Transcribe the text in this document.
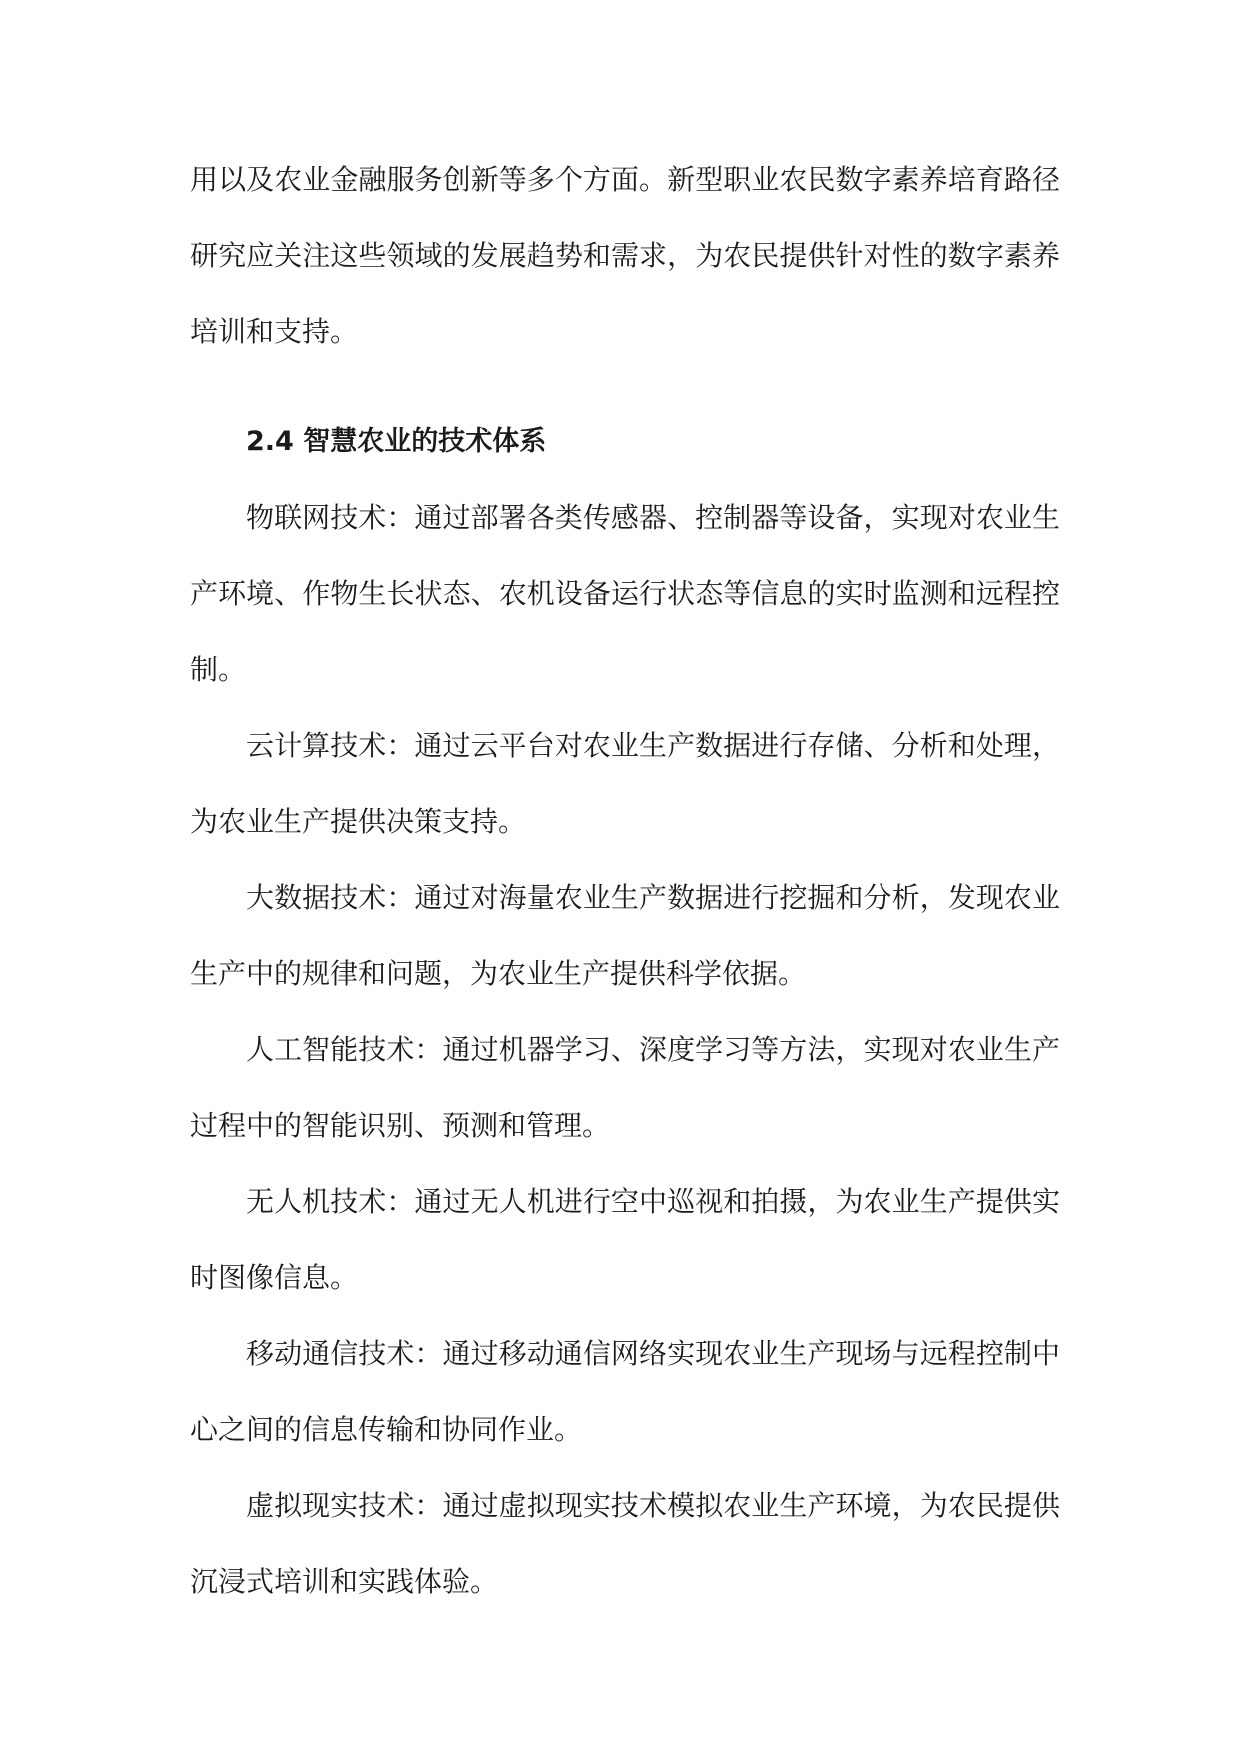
用以及农业金融服务创新等多个方面。新型职业农民数字素养培育路径研究应关注这些领域的发展趋势和需求，为农民提供针对性的数字素养培训和支持。

2.4 智慧农业的技术体系

物联网技术：通过部署各类传感器、控制器等设备，实现对农业生产环境、作物生长状态、农机设备运行状态等信息的实时监测和远程控制。

云计算技术：通过云平台对农业生产数据进行存储、分析和处理，为农业生产提供决策支持。

大数据技术：通过对海量农业生产数据进行挖掘和分析，发现农业生产中的规律和问题，为农业生产提供科学依据。

人工智能技术：通过机器学习、深度学习等方法，实现对农业生产过程中的智能识别、预测和管理。

无人机技术：通过无人机进行空中巡视和拍摄，为农业生产提供实时图像信息。

移动通信技术：通过移动通信网络实现农业生产现场与远程控制中心之间的信息传输和协同作业。

虚拟现实技术：通过虚拟现实技术模拟农业生产环境，为农民提供沉浸式培训和实践体验。
